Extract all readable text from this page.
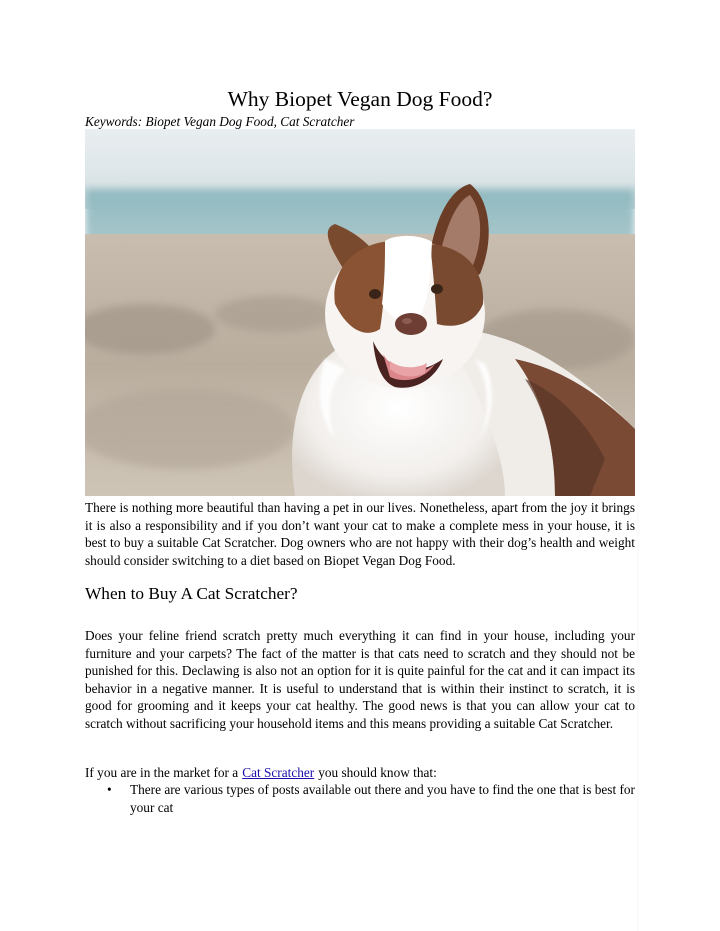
Why Biopet Vegan Dog Food?
Keywords: Biopet Vegan Dog Food, Cat Scratcher
There is nothing more beautiful than having a pet in our lives. Nonetheless, apart from the joy it brings it is also a responsibility and if you don’t want your cat to make a complete mess in your house, it is best to buy a suitable Cat Scratcher. Dog owners who are not happy with their dog’s health and weight should consider switching to a diet based on Biopet Vegan Dog Food.
When to Buy A Cat Scratcher?
Does your feline friend scratch pretty much everything it can find in your house, including your furniture and your carpets? The fact of the matter is that cats need to scratch and they should not be punished for this. Declawing is also not an option for it is quite painful for the cat and it can impact its behavior in a negative manner. It is useful to understand that is within their instinct to scratch, it is good for grooming and it keeps your cat healthy. The good news is that you can allow your cat to scratch without sacrificing your household items and this means providing a suitable Cat Scratcher.
If you are in the market for a Cat Scratcher you should know that:
• There are various types of posts available out there and you have to find the one that is best for your cat
